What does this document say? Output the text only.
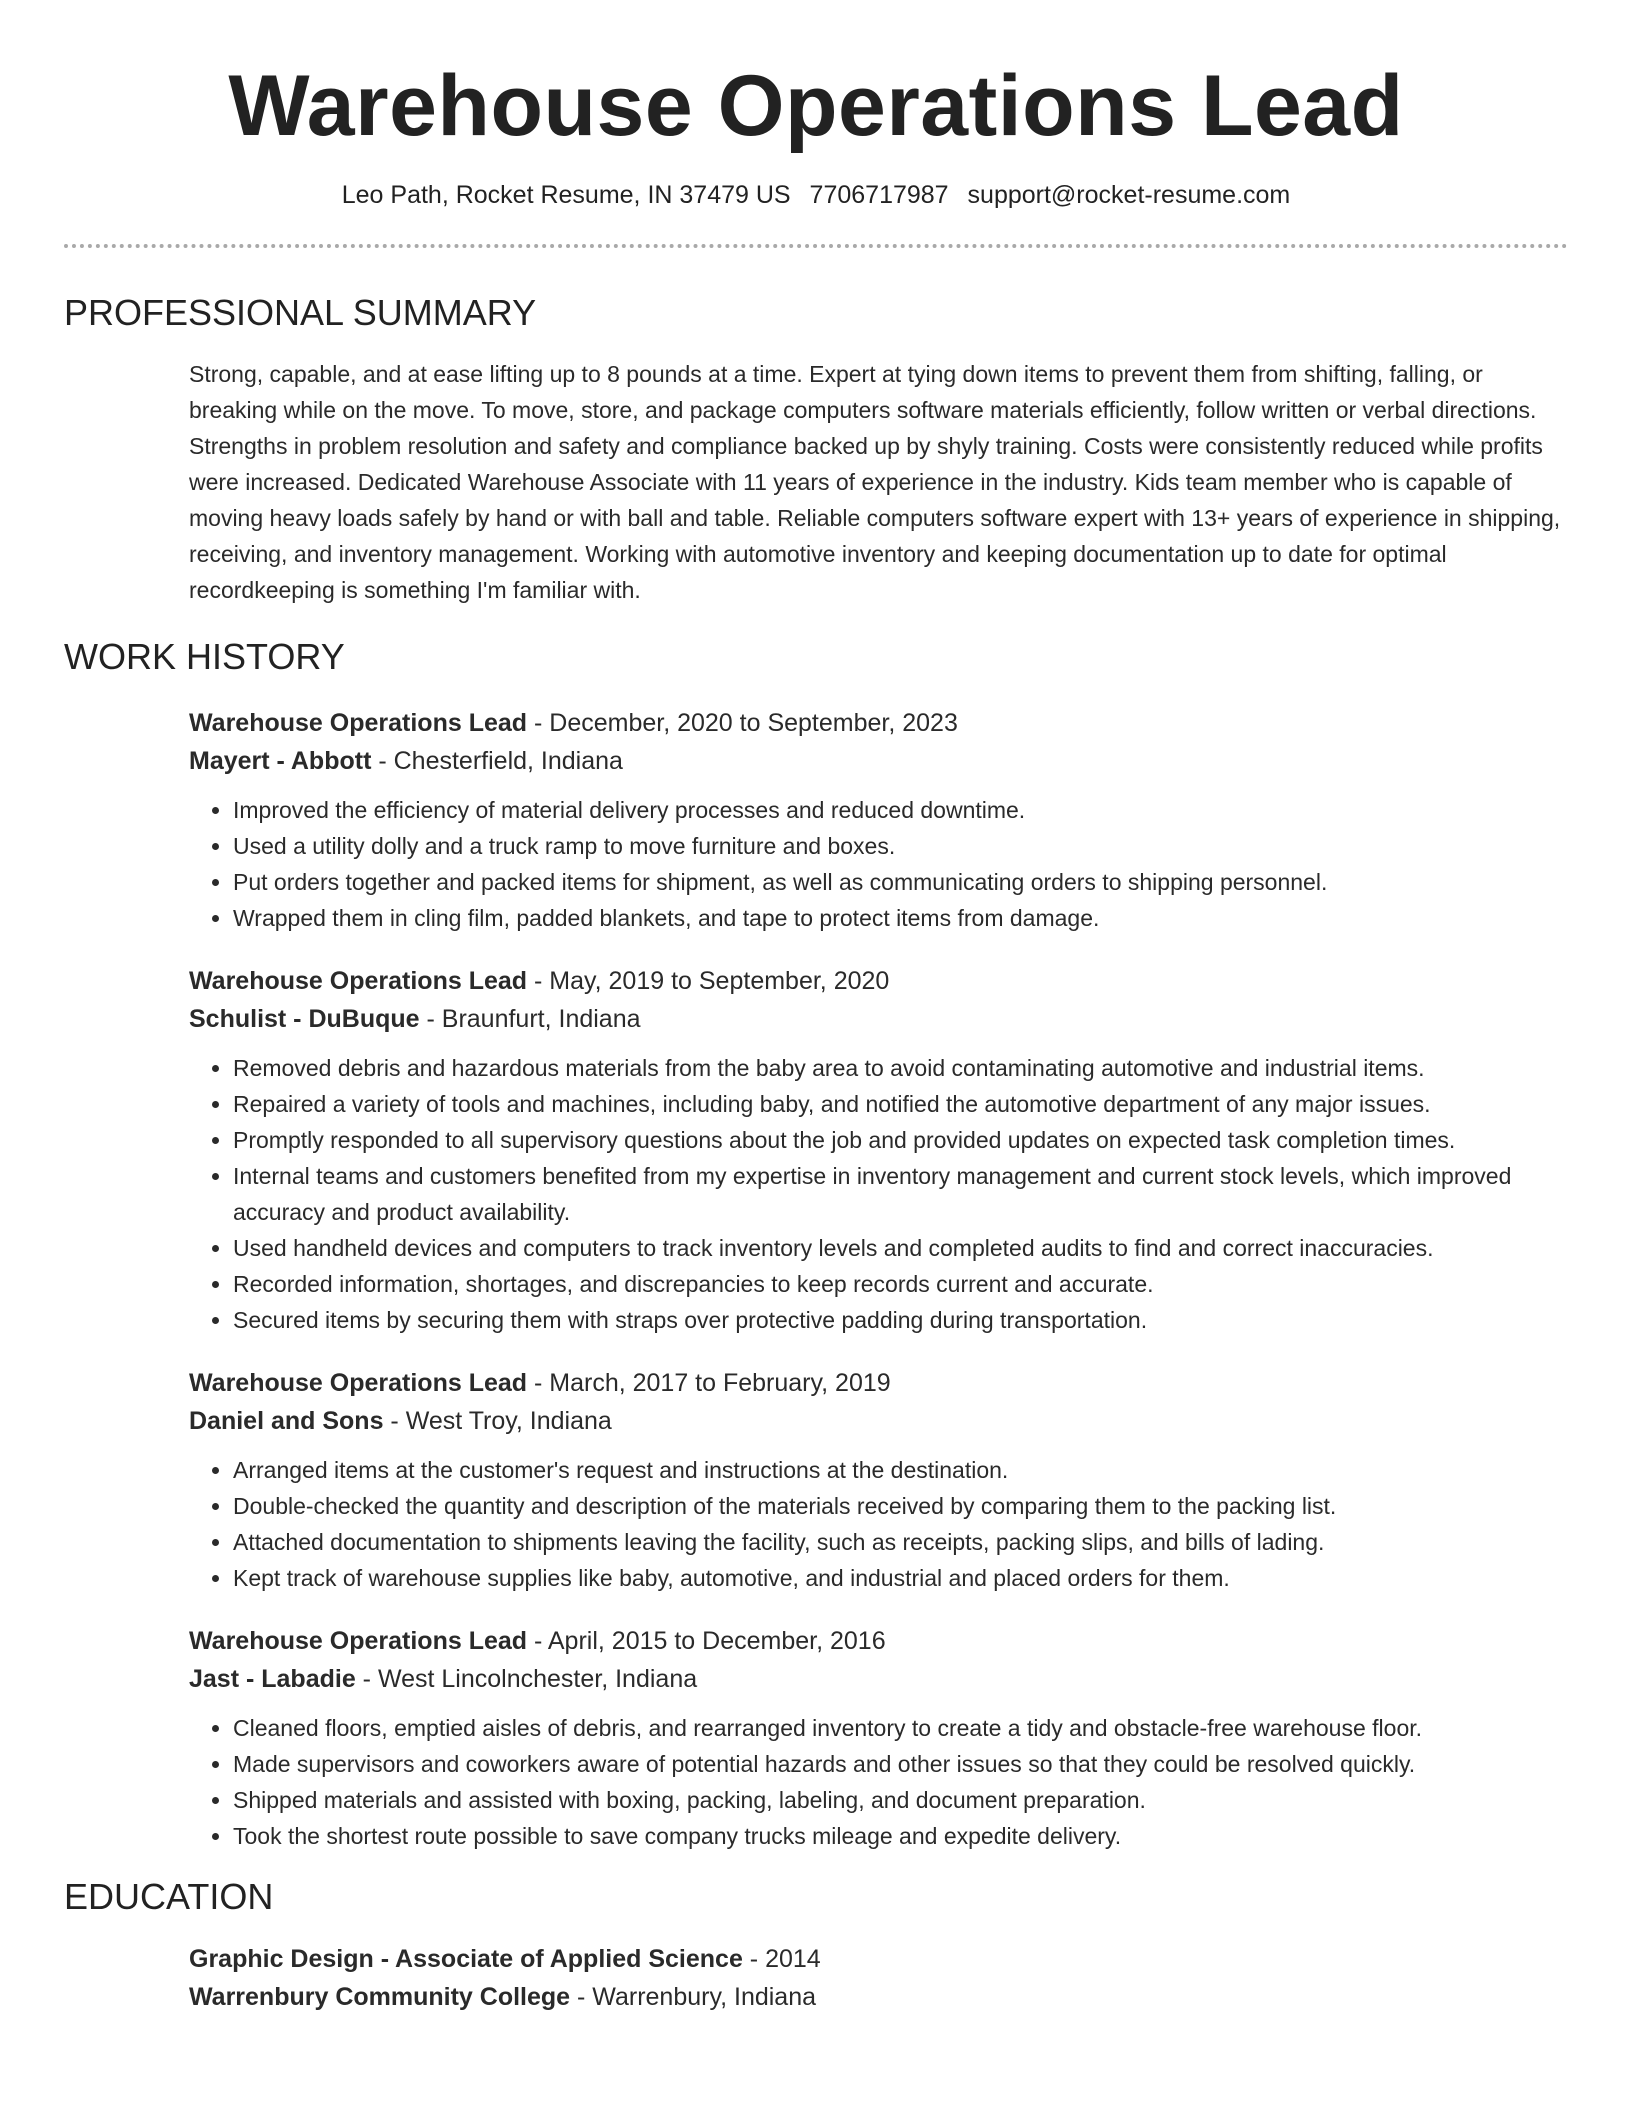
Warehouse Operations Lead
Leo Path, Rocket Resume, IN 37479 US 7706717987 support@rocket-resume.com
PROFESSIONAL SUMMARY
Strong, capable, and at ease lifting up to 8 pounds at a time. Expert at tying down items to prevent them from shifting, falling, or breaking while on the move. To move, store, and package computers software materials efficiently, follow written or verbal directions. Strengths in problem resolution and safety and compliance backed up by shyly training. Costs were consistently reduced while profits were increased. Dedicated Warehouse Associate with 11 years of experience in the industry. Kids team member who is capable of moving heavy loads safely by hand or with ball and table. Reliable computers software expert with 13+ years of experience in shipping, receiving, and inventory management. Working with automotive inventory and keeping documentation up to date for optimal recordkeeping is something I'm familiar with.
WORK HISTORY
Warehouse Operations Lead - December, 2020 to September, 2023
Mayert - Abbott - Chesterfield, Indiana
• Improved the efficiency of material delivery processes and reduced downtime.
• Used a utility dolly and a truck ramp to move furniture and boxes.
• Put orders together and packed items for shipment, as well as communicating orders to shipping personnel.
• Wrapped them in cling film, padded blankets, and tape to protect items from damage.
Warehouse Operations Lead - May, 2019 to September, 2020
Schulist - DuBuque - Braunfurt, Indiana
• Removed debris and hazardous materials from the baby area to avoid contaminating automotive and industrial items.
• Repaired a variety of tools and machines, including baby, and notified the automotive department of any major issues.
• Promptly responded to all supervisory questions about the job and provided updates on expected task completion times.
• Internal teams and customers benefited from my expertise in inventory management and current stock levels, which improved accuracy and product availability.
• Used handheld devices and computers to track inventory levels and completed audits to find and correct inaccuracies.
• Recorded information, shortages, and discrepancies to keep records current and accurate.
• Secured items by securing them with straps over protective padding during transportation.
Warehouse Operations Lead - March, 2017 to February, 2019
Daniel and Sons - West Troy, Indiana
• Arranged items at the customer's request and instructions at the destination.
• Double-checked the quantity and description of the materials received by comparing them to the packing list.
• Attached documentation to shipments leaving the facility, such as receipts, packing slips, and bills of lading.
• Kept track of warehouse supplies like baby, automotive, and industrial and placed orders for them.
Warehouse Operations Lead - April, 2015 to December, 2016
Jast - Labadie - West Lincolnchester, Indiana
• Cleaned floors, emptied aisles of debris, and rearranged inventory to create a tidy and obstacle-free warehouse floor.
• Made supervisors and coworkers aware of potential hazards and other issues so that they could be resolved quickly.
• Shipped materials and assisted with boxing, packing, labeling, and document preparation.
• Took the shortest route possible to save company trucks mileage and expedite delivery.
EDUCATION
Graphic Design - Associate of Applied Science - 2014
Warrenbury Community College - Warrenbury, Indiana
